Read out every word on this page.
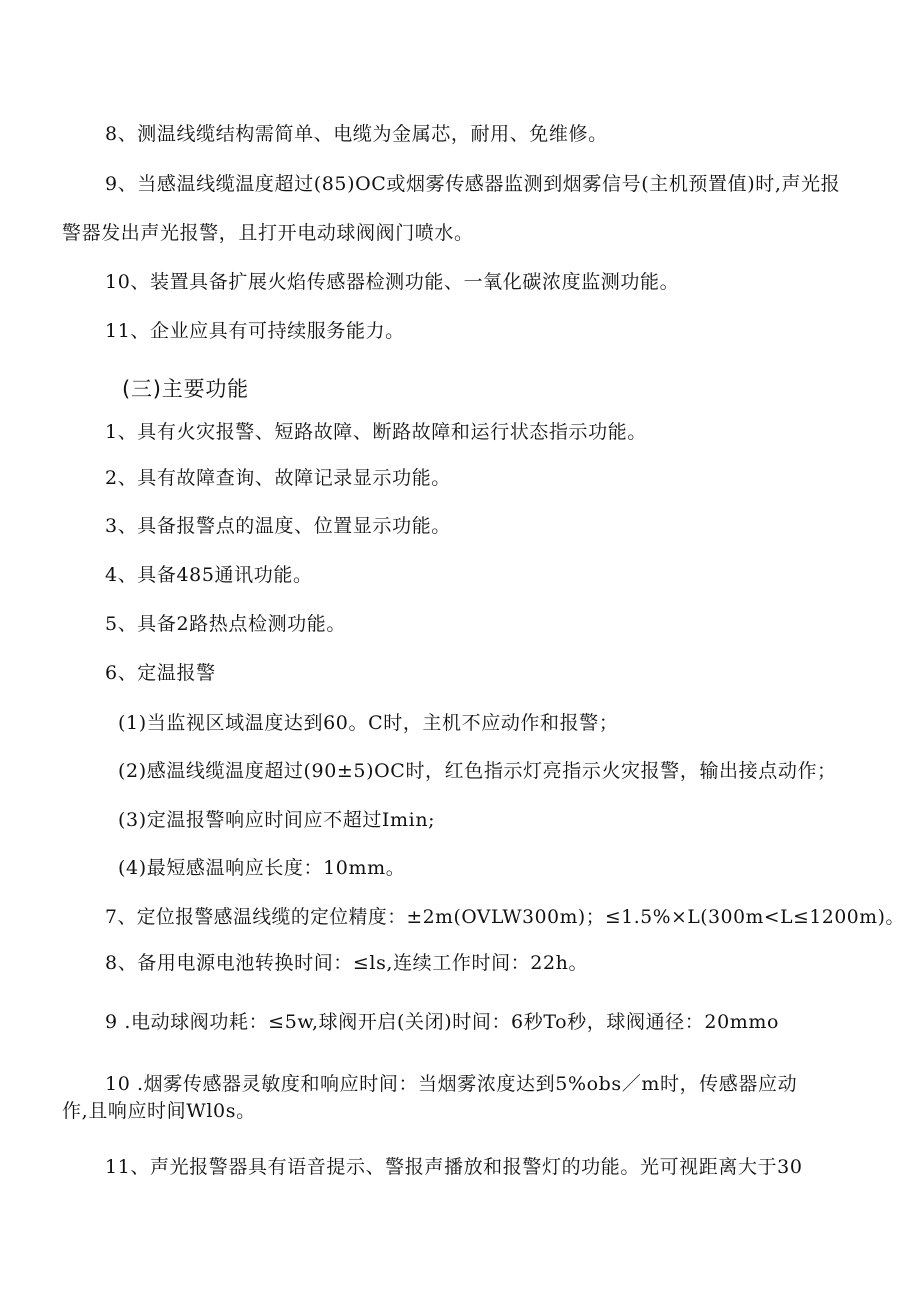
8、测温线缆结构需简单、电缆为金属芯，耐用、免维修。
9、当感温线缆温度超过(85)OC或烟雾传感器监测到烟雾信号(主机预置值)时,声光报
警器发出声光报警，且打开电动球阀阀门喷水。
10、装置具备扩展火焰传感器检测功能、一氧化碳浓度监测功能。
11、企业应具有可持续服务能力。
(三)主要功能
1、具有火灾报警、短路故障、断路故障和运行状态指示功能。
2、具有故障查询、故障记录显示功能。
3、具备报警点的温度、位置显示功能。
4、具备485通讯功能。
5、具备2路热点检测功能。
6、定温报警
(1)当监视区域温度达到60。C时，主机不应动作和报警；
(2)感温线缆温度超过(90±5)OC时，红色指示灯亮指示火灾报警，输出接点动作；
(3)定温报警响应时间应不超过Imin;
(4)最短感温响应长度：10mm。
7、定位报警感温线缆的定位精度：±2m(OVLW300m)；≤1.5%×L(300m<L≤1200m)。
8、备用电源电池转换时间：≤ls,连续工作时间：22h。
9 .电动球阀功耗：≤5w,球阀开启(关闭)时间：6秒To秒，球阀通径：20mmo
10 .烟雾传感器灵敏度和响应时间：当烟雾浓度达到5%obs／m时，传感器应动
作,且响应时间Wl0s。
11、声光报警器具有语音提示、警报声播放和报警灯的功能。光可视距离大于30
